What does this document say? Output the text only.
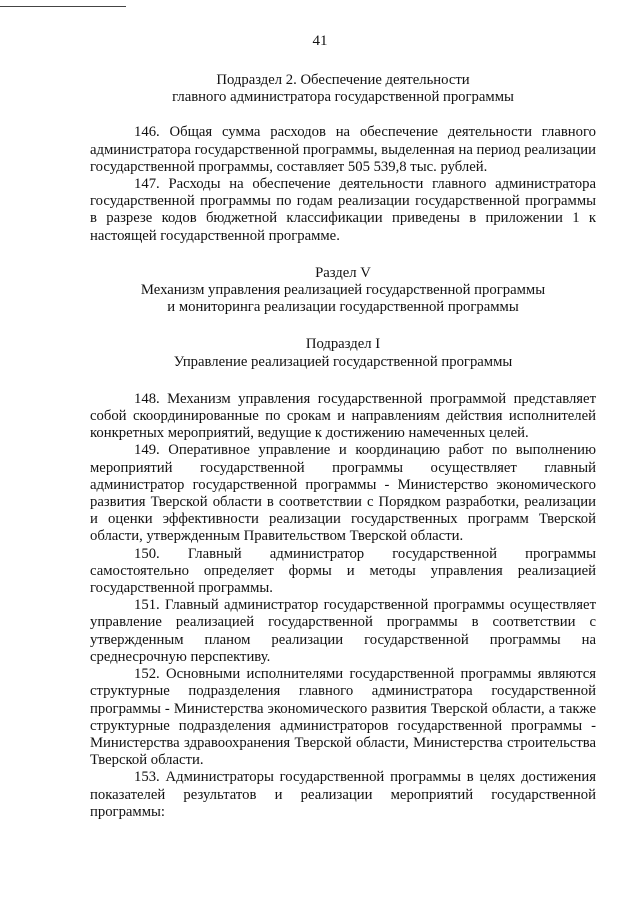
41
Подраздел 2. Обеспечение деятельности
главного администратора государственной программы

146. Общая сумма расходов на обеспечение деятельности главного администратора государственной программы, выделенная на период реализации государственной программы, составляет 505 539,8 тыс. рублей.

147. Расходы на обеспечение деятельности главного администратора государственной программы по годам реализации государственной программы в разрезе кодов бюджетной классификации приведены в приложении 1 к настоящей государственной программе.

Раздел V
Механизм управления реализацией государственной программы
и мониторинга реализации государственной программы
Подраздел I
Управление реализацией государственной программы

148. Механизм управления государственной программой представляет собой скоординированные по срокам и направлениям действия исполнителей конкретных мероприятий, ведущие к достижению намеченных целей.

149. Оперативное управление и координацию работ по выполнению мероприятий государственной программы осуществляет главный администратор государственной программы - Министерство экономического развития Тверской области в соответствии с Порядком разработки, реализации и оценки эффективности реализации государственных программ Тверской области, утвержденным Правительством Тверской области.

150. Главный администратор государственной программы самостоятельно определяет формы и методы управления реализацией государственной программы.

151. Главный администратор государственной программы осуществляет управление реализацией государственной программы в соответствии с утвержденным планом реализации государственной программы на среднесрочную перспективу.

152. Основными исполнителями государственной программы являются структурные подразделения главного администратора государственной программы - Министерства экономического развития Тверской области, а также структурные подразделения администраторов государственной программы - Министерства здравоохранения Тверской области, Министерства строительства Тверской области.

153. Администраторы государственной программы в целях достижения показателей результатов и реализации мероприятий государственной программы:
